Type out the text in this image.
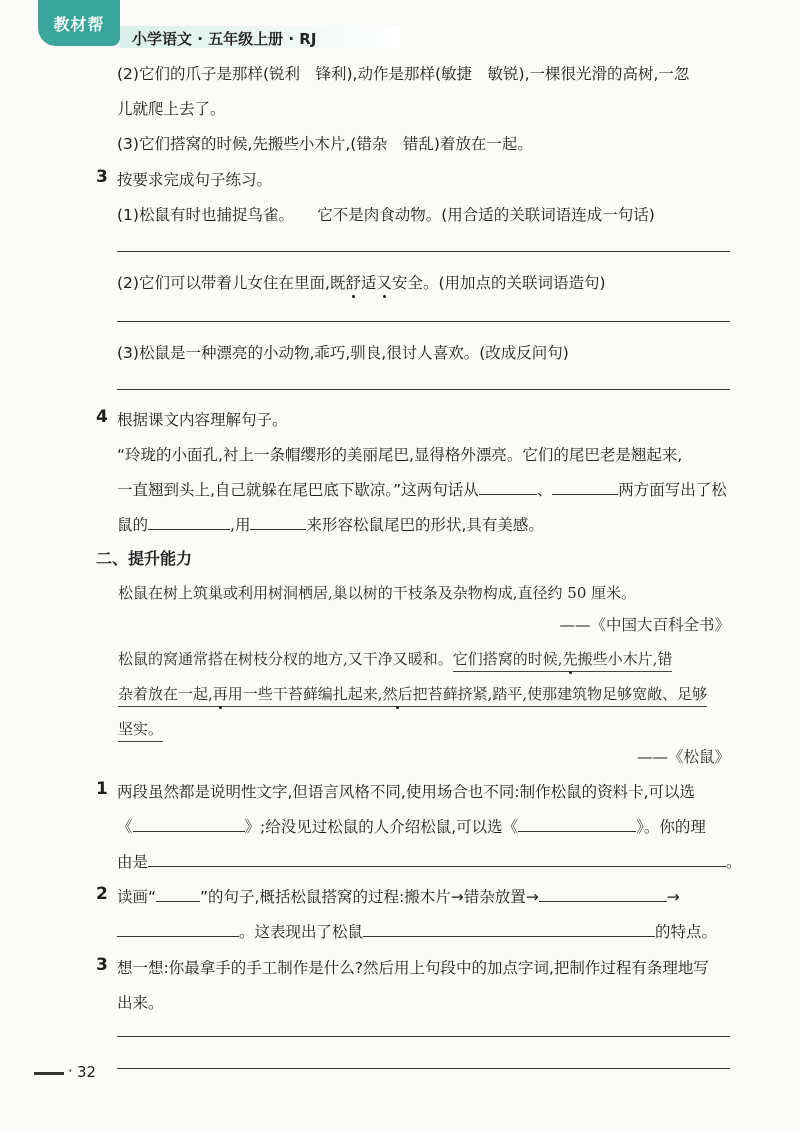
教材帮
小学语文 · 五年级上册 · RJ
(2)它们的爪子是那样(锐利　锋利),动作是那样(敏捷　敏锐),一棵很光滑的高树,一忽
儿就爬上去了。
(3)它们搭窝的时候,先搬些小木片,(错杂　错乱)着放在一起。
3 按要求完成句子练习。
(1)松鼠有时也捕捉鸟雀。　　它不是肉食动物。(用合适的关联词语连成一句话)
(2)它们可以带着儿女住在里面,既舒适又安全。(用加点的关联词语造句)
(3)松鼠是一种漂亮的小动物,乖巧,驯良,很讨人喜欢。(改成反问句)
4 根据课文内容理解句子。
“玲珑的小面孔,衬上一条帽缨形的美丽尾巴,显得格外漂亮。它们的尾巴老是翘起来,
一直翘到头上,自己就躲在尾巴底下歇凉。”这两句话从	、	两方面写出了松
鼠的	,用	来形容松鼠尾巴的形状,具有美感。
二、提升能力
松鼠在树上筑巢或利用树洞栖居,巢以树的干枝条及杂物构成,直径约 50 厘米。
——《中国大百科全书》
松鼠的窝通常搭在树枝分杈的地方,又干净又暖和。它们搭窝的时候,先搬些小木片,错
杂着放在一起,再用一些干苔藓编扎起来,然后把苔藓挤紧,踏平,使那建筑物足够宽敞、足够
坚实。
——《松鼠》
1 两段虽然都是说明性文字,但语言风格不同,使用场合也不同:制作松鼠的资料卡,可以选
《	》;给没见过松鼠的人介绍松鼠,可以选《	》。你的理
由是	。
2 读画“	”的句子,概括松鼠搭窝的过程:搬木片→错杂放置→	→
。这表现出了松鼠	的特点。
3 想一想:你最拿手的手工制作是什么?然后用上句段中的加点字词,把制作过程有条理地写
出来。
· 32
